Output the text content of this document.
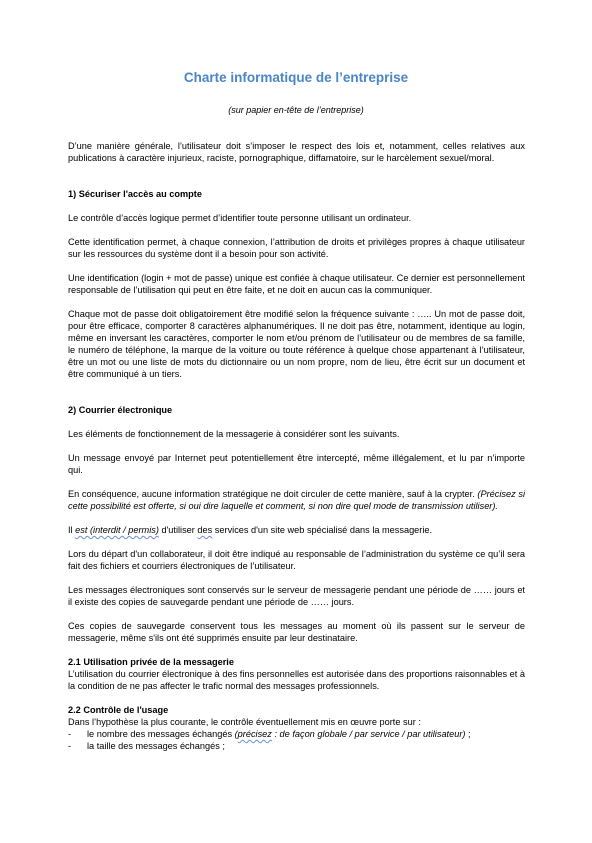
Charte informatique de l’entreprise
(sur papier en-tête de l’entreprise)

D’une manière générale, l’utilisateur doit s’imposer le respect des lois et, notamment, celles relatives aux publications à caractère injurieux, raciste, pornographique, diffamatoire, sur le harcèlement sexuel/moral.

1) Sécuriser l'accès au compte

Le contrôle d’accès logique permet d’identifier toute personne utilisant un ordinateur.

Cette identification permet, à chaque connexion, l’attribution de droits et privilèges propres à chaque utilisateur sur les ressources du système dont il a besoin pour son activité.

Une identification (login + mot de passe) unique est confiée à chaque utilisateur. Ce dernier est personnellement responsable de l’utilisation qui peut en être faite, et ne doit en aucun cas la communiquer.

Chaque mot de passe doit obligatoirement être modifié selon la fréquence suivante : ….. Un mot de passe doit, pour être efficace, comporter 8 caractères alphanumériques. Il ne doit pas être, notamment, identique au login, même en inversant les caractères, comporter le nom et/ou prénom de l’utilisateur ou de membres de sa famille, le numéro de téléphone, la marque de la voiture ou toute référence à quelque chose appartenant à l’utilisateur, être un mot ou une liste de mots du dictionnaire ou un nom propre, nom de lieu, être écrit sur un document et être communiqué à un tiers.

2) Courrier électronique

Les éléments de fonctionnement de la messagerie à considérer sont les suivants.

Un message envoyé par Internet peut potentiellement être intercepté, même illégalement, et lu par n’importe qui.

En conséquence, aucune information stratégique ne doit circuler de cette manière, sauf à la crypter. (Précisez si cette possibilité est offerte, si oui dire laquelle et comment, si non dire quel mode de transmission utiliser).

Il est (interdit / permis) d'utiliser des services d'un site web spécialisé dans la messagerie.

Lors du départ d'un collaborateur, il doit être indiqué au responsable de l’administration du système ce qu’il sera fait des fichiers et courriers électroniques de l’utilisateur.

Les messages électroniques sont conservés sur le serveur de messagerie pendant une période de …… jours et il existe des copies de sauvegarde pendant une période de …… jours.

Ces copies de sauvegarde conservent tous les messages au moment où ils passent sur le serveur de messagerie, même s'ils ont été supprimés ensuite par leur destinataire.

2.1 Utilisation privée de la messagerie

L’utilisation du courrier électronique à des fins personnelles est autorisée dans des proportions raisonnables et à la condition de ne pas affecter le trafic normal des messages professionnels.

2.2 Contrôle de l'usage

Dans l’hypothèse la plus courante, le contrôle éventuellement mis en œuvre porte sur :

-	le nombre des messages échangés (précisez : de façon globale / par service / par utilisateur) ;
-	la taille des messages échangés ;
